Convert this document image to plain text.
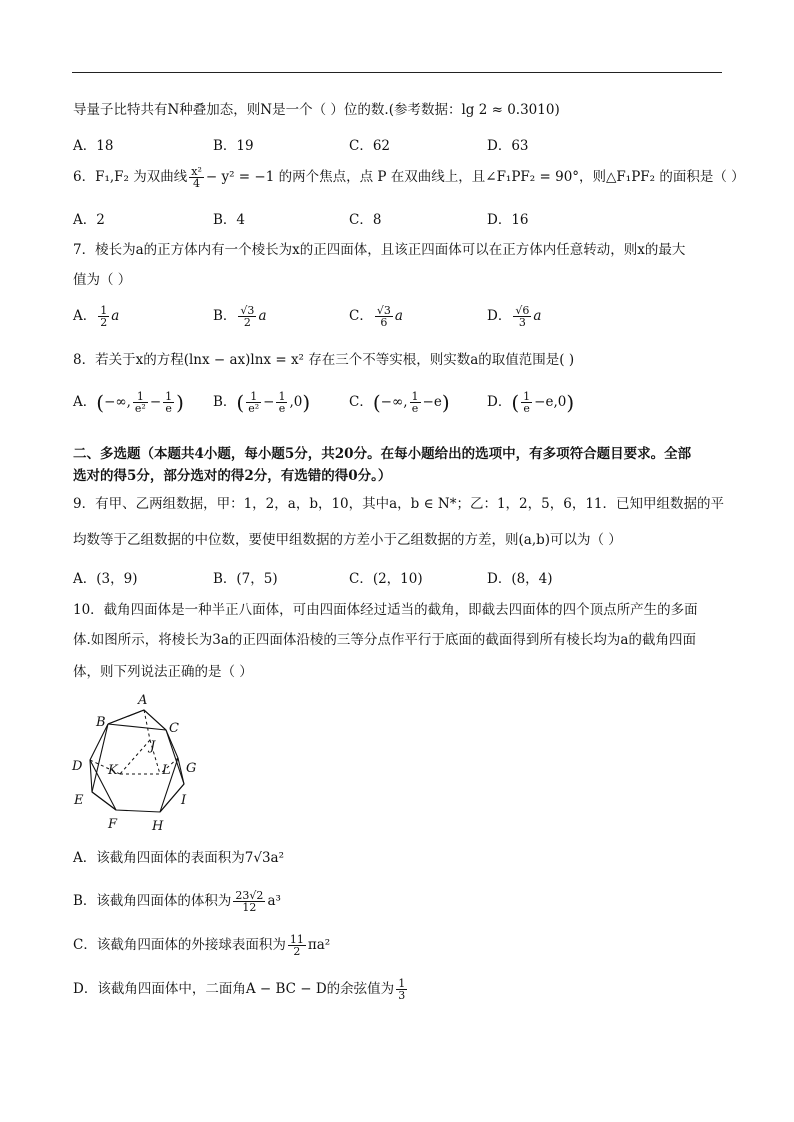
导量子比特共有N种叠加态，则N是一个（ ）位的数.(参考数据：lg 2 ≈ 0.3010)
A．18	B．19	C．62	D．63
6．F₁,F₂ 为双曲线 $\frac{\text{x²}}{4} - y^2 = -1$ 的两个焦点，点 P 在双曲线上，且∠F₁PF₂ = 90°，则△F₁PF₂ 的面积是（ ）
A．2	B．4	C．8	D．16
7．棱长为a的正方体内有一个棱长为x的正四面体，且该正四面体可以在正方体内任意转动，则x的最大
值为（ ）
A． $\frac{1}{2}$ a	B． $\frac{√3}{2}$ a	C． $\frac{√3}{6}$ a	D． $\frac{√6}{3}$ a
8．若关于x的方程(lnx − ax)lnx = x² 存在三个不等实根，则实数a的取值范围是( )
A．(−∞, $\frac{1}{\text{e²}} - \frac{1}{e}$ ) B．( $\frac{1}{\text{e²}} - \frac{1}{e} ,0$)	C．(−∞, $\frac{1}{e} -e$)	D．( $\frac{1}{e} -e,0$)
二、多选题（本题共4小题，每小题5分，共20分。在每小题给出的选项中，有多项符合题目要求。全部
选对的得5分，部分选对的得2分，有选错的得0分。）
9．有甲、乙两组数据，甲：1，2，a，b，10，其中a，b ∈ N*；乙：1，2，5，6，11．已知甲组数据的平
均数等于乙组数据的中位数，要使甲组数据的方差小于乙组数据的方差，则(a,b)可以为（ ）
A．(3，9)	B．(7，5)	C．(2，10)	D．(8，4)
10．截角四面体是一种半正八面体，可由四面体经过适当的截角，即截去四面体的四个顶点所产生的多面
体.如图所示，将棱长为3a的正四面体沿棱的三等分点作平行于底面的截面得到所有棱长均为a的截角四面
体，则下列说法正确的是（ ）
A
B	C
J
D K	L G
E	I
F	H
A．该截角四面体的表面积为7√3a²
B．该截角四面体的体积为 $\frac{23√2}{12} a^3$
C．该截角四面体的外接球表面积为 $\frac{11}{2} \pi a^2$
D．该截角四面体中，二面角A − BC − D的余弦值为 $\frac{1}{3}$
